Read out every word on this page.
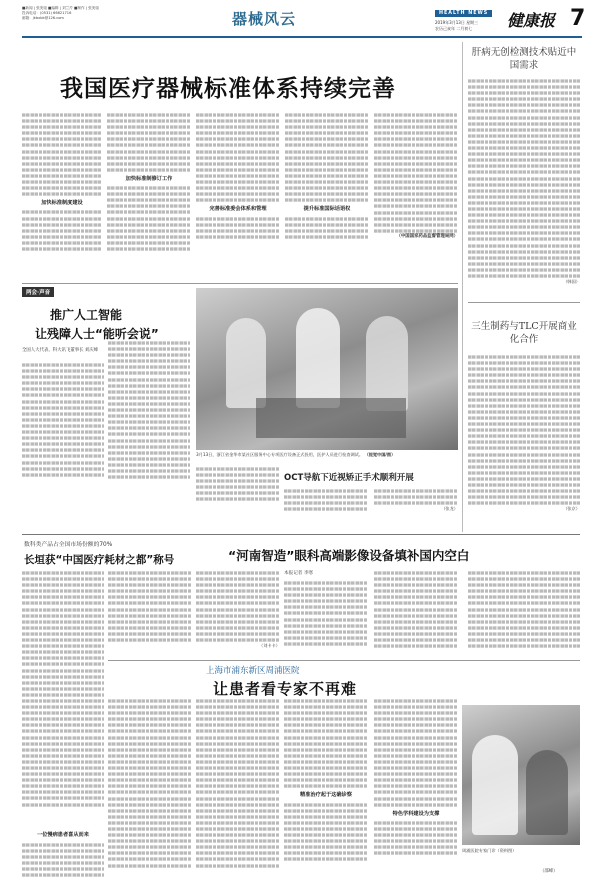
■新闻 | 张美姐 ■编辑 | 刘兰芹 ■制作 | 张美姐
投诉电话：(0531) 66621716
邮箱：jkbxbk@126.com	器械风云	HEALTH NEWS
2019年3月13日 星期三
农历己亥年 二月初七 健康报 7
我国医疗器械标准体系持续完善
加快标准制度建设
加快标准制修订工作
完善标准委会体系和管理	提升标准国际话语权
（中国国家药品监督管理局网）
肝病无创检测技术贴近中国需求
（韩国）
三生制药与TLC开展商业化合作
（张京）
两会·声音
推广人工智能
让残障人士“能听会说”
全国人大代表、科大讯飞董事长 刘庆峰
3月13日，浙江省金华市某社区服务中心专项医疗设备正式投用，医护人员进行检查调试。 （视觉中国/图）
OCT导航下近视矫正手术顺利开展
（张龙）
数科类产品占全国市场份额的70%
长垣获“中国医疗耗材之都”称号
（刘卡卡）
“河南智造”眼科高端影像设备填补国内空白
本报记者 李寒
上海市浦东新区周浦医院
让患者看专家不再难
精准治疗起于这确诊察
特色学科建设为支撑
周浦医院专家门诊（资料图）
（邵峰）
一位慢病患者喜从而来
